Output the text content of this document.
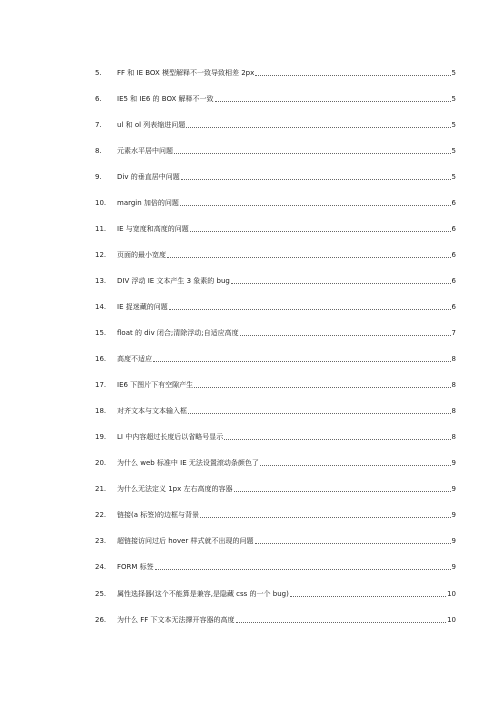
5.	FF 和 IE BOX 模型解释不一致导致相差 2px	5
6.	IE5 和 IE6 的 BOX 解释不一致	5
7.	ul 和 ol 列表缩进问题	5
8.	元素水平居中问题	5
9.	Div 的垂直居中问题	5
10.	margin 加倍的问题	6
11.	IE 与宽度和高度的问题	6
12.	页面的最小宽度	6
13.	DIV 浮动 IE 文本产生 3 象素的 bug	6
14.	IE 捉迷藏的问题	6
15.	float 的 div 闭合;清除浮动;自适应高度	7
16.	高度不适应	8
17.	IE6 下图片下有空隙产生	8
18.	对齐文本与文本输入框	8
19.	LI 中内容超过长度后以省略号显示	8
20.	为什么 web 标准中 IE 无法设置滚动条颜色了	9
21.	为什么无法定义 1px 左右高度的容器	9
22.	链接(a 标签)的边框与背景	9
23.	超链接访问过后 hover 样式就不出现的问题	9
24.	FORM 标签	9
25.	属性选择器(这个不能算是兼容,是隐藏 css 的一个 bug)	10
26.	为什么 FF 下文本无法撑开容器的高度	10
